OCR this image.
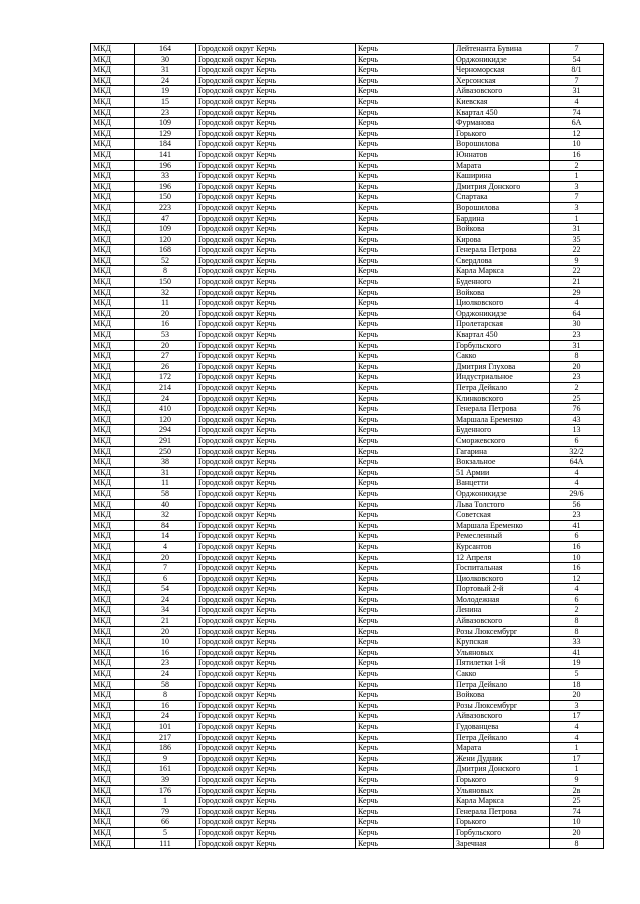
МКД	164	Городской округ Керчь	Керчь	Лейтенанта Бувина	7
МКД	30	Городской округ Керчь	Керчь	Орджоникидзе	54
МКД	31	Городской округ Керчь	Керчь	Черноморская	8/1
МКД	24	Городской округ Керчь	Керчь	Херсонская	7
МКД	19	Городской округ Керчь	Керчь	Айвазовского	31
МКД	15	Городской округ Керчь	Керчь	Киевская	4
МКД	23	Городской округ Керчь	Керчь	Квартал 450	74
МКД	109	Городской округ Керчь	Керчь	Фурманова	6А
МКД	129	Городской округ Керчь	Керчь	Горького	12
МКД	184	Городской округ Керчь	Керчь	Ворошилова	10
МКД	141	Городской округ Керчь	Керчь	Юннатов	16
МКД	196	Городской округ Керчь	Керчь	Марата	2
МКД	33	Городской округ Керчь	Керчь	Каширина	1
МКД	196	Городской округ Керчь	Керчь	Дмитрия Донского	3
МКД	150	Городской округ Керчь	Керчь	Спартака	7
МКД	223	Городской округ Керчь	Керчь	Ворошилова	3
МКД	47	Городской округ Керчь	Керчь	Бардина	1
МКД	109	Городской округ Керчь	Керчь	Войкова	31
МКД	120	Городской округ Керчь	Керчь	Кирова	35
МКД	168	Городской округ Керчь	Керчь	Генерала Петрова	22
МКД	52	Городской округ Керчь	Керчь	Свердлова	9
МКД	8	Городской округ Керчь	Керчь	Карла Маркса	22
МКД	150	Городской округ Керчь	Керчь	Буденного	21
МКД	32	Городской округ Керчь	Керчь	Войкова	29
МКД	11	Городской округ Керчь	Керчь	Циолковского	4
МКД	20	Городской округ Керчь	Керчь	Орджоникидзе	64
МКД	16	Городской округ Керчь	Керчь	Пролетарская	30
МКД	53	Городской округ Керчь	Керчь	Квартал 450	23
МКД	20	Городской округ Керчь	Керчь	Горбульского	31
МКД	27	Городской округ Керчь	Керчь	Сакко	8
МКД	26	Городской округ Керчь	Керчь	Дмитрия Глухова	20
МКД	172	Городской округ Керчь	Керчь	Индустриальное	23
МКД	214	Городской округ Керчь	Керчь	Петра Дейкало	2
МКД	24	Городской округ Керчь	Керчь	Клинковского	25
МКД	410	Городской округ Керчь	Керчь	Генерала Петрова	76
МКД	120	Городской округ Керчь	Керчь	Маршала Еременко	43
МКД	294	Городской округ Керчь	Керчь	Буденного	13
МКД	291	Городской округ Керчь	Керчь	Сморжевского	6
МКД	250	Городской округ Керчь	Керчь	Гагарина	32/2
МКД	38	Городской округ Керчь	Керчь	Вокзальное	64А
МКД	31	Городской округ Керчь	Керчь	51 Армии	4
МКД	11	Городской округ Керчь	Керчь	Ванцетти	4
МКД	58	Городской округ Керчь	Керчь	Орджоникидзе	29/6
МКД	40	Городской округ Керчь	Керчь	Льва Толстого	56
МКД	32	Городской округ Керчь	Керчь	Советская	23
МКД	84	Городской округ Керчь	Керчь	Маршала Еременко	41
МКД	14	Городской округ Керчь	Керчь	Ремесленный	6
МКД	4	Городской округ Керчь	Керчь	Курсантов	16
МКД	20	Городской округ Керчь	Керчь	12 Апреля	10
МКД	7	Городской округ Керчь	Керчь	Госпитальная	16
МКД	6	Городской округ Керчь	Керчь	Циолковского	12
МКД	54	Городской округ Керчь	Керчь	Портовый 2-й	4
МКД	24	Городской округ Керчь	Керчь	Молодежная	6
МКД	34	Городской округ Керчь	Керчь	Ленина	2
МКД	21	Городской округ Керчь	Керчь	Айвазовского	8
МКД	20	Городской округ Керчь	Керчь	Розы Люксембург	8
МКД	10	Городской округ Керчь	Керчь	Крупская	33
МКД	16	Городской округ Керчь	Керчь	Ульяновых	41
МКД	23	Городской округ Керчь	Керчь	Пятилетки 1-й	19
МКД	24	Городской округ Керчь	Керчь	Сакко	5
МКД	58	Городской округ Керчь	Керчь	Петра Дейкало	18
МКД	8	Городской округ Керчь	Керчь	Войкова	20
МКД	16	Городской округ Керчь	Керчь	Розы Люксембург	3
МКД	24	Городской округ Керчь	Керчь	Айвазовского	17
МКД	101	Городской округ Керчь	Керчь	Гудованцева	4
МКД	217	Городской округ Керчь	Керчь	Петра Дейкало	4
МКД	186	Городской округ Керчь	Керчь	Марата	1
МКД	9	Городской округ Керчь	Керчь	Жени Дудник	17
МКД	161	Городской округ Керчь	Керчь	Дмитрия Донского	1
МКД	39	Городской округ Керчь	Керчь	Горького	9
МКД	176	Городской округ Керчь	Керчь	Ульяновых	2в
МКД	1	Городской округ Керчь	Керчь	Карла Маркса	25
МКД	79	Городской округ Керчь	Керчь	Генерала Петрова	74
МКД	66	Городской округ Керчь	Керчь	Горького	10
МКД	5	Городской округ Керчь	Керчь	Горбульского	20
МКД	111	Городской округ Керчь	Керчь	Заречная	8
